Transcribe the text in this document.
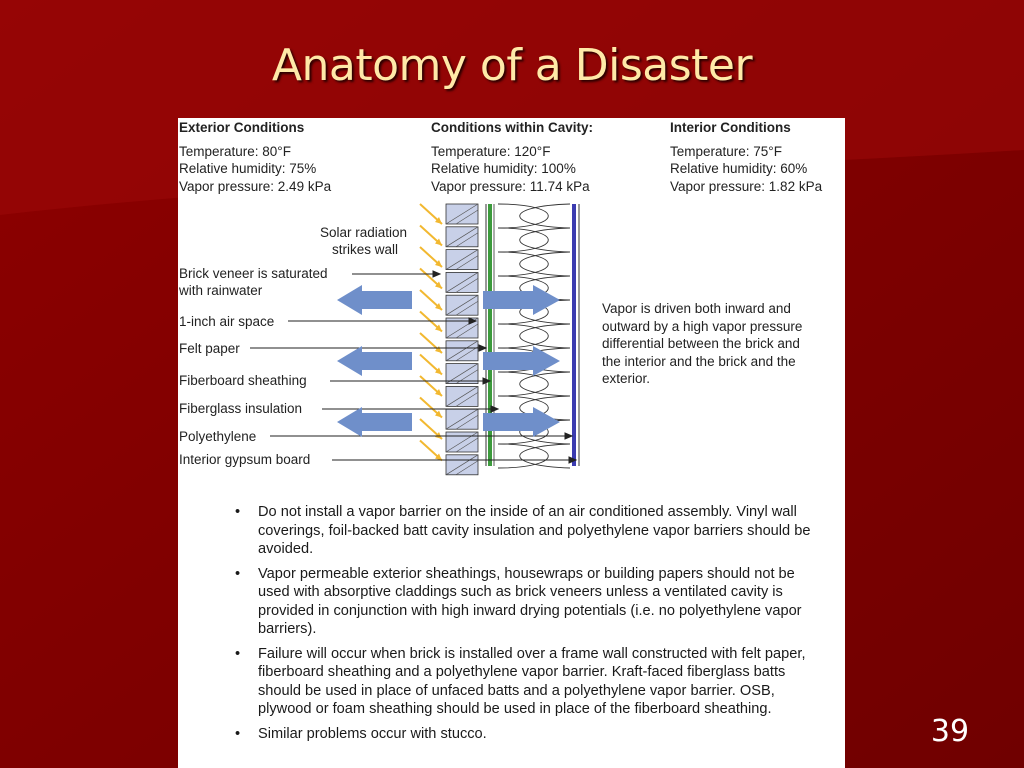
Anatomy of a Disaster
Exterior Conditions
Temperature: 80°F
Relative humidity: 75%
Vapor pressure: 2.49 kPa
Conditions within Cavity:
Temperature: 120°F
Relative humidity: 100%
Vapor pressure: 11.74 kPa
Interior Conditions
Temperature: 75°F
Relative humidity: 60%
Vapor pressure: 1.82 kPa
Solar radiation
strikes wall
Brick veneer is saturated
with rainwater
1-inch air space
Felt paper
Fiberboard sheathing
Fiberglass insulation
Polyethylene
Interior gypsum board
Vapor is driven both inward and
outward by a high vapor pressure
differential between the brick and
the interior and the brick and the
exterior.
• Do not install a vapor barrier on the inside of an air conditioned assembly. Vinyl wall coverings, foil-backed batt cavity insulation and polyethylene vapor barriers should be avoided.
• Vapor permeable exterior sheathings, housewraps or building papers should not be used with absorptive claddings such as brick veneers unless a ventilated cavity is provided in conjunction with high inward drying potentials (i.e. no polyethylene vapor barriers).
• Failure will occur when brick is installed over a frame wall constructed with felt paper, fiberboard sheathing and a polyethylene vapor barrier. Kraft-faced fiberglass batts should be used in place of unfaced batts and a polyethylene vapor barrier. OSB, plywood or foam sheathing should be used in place of the fiberboard sheathing.
• Similar problems occur with stucco.	39
